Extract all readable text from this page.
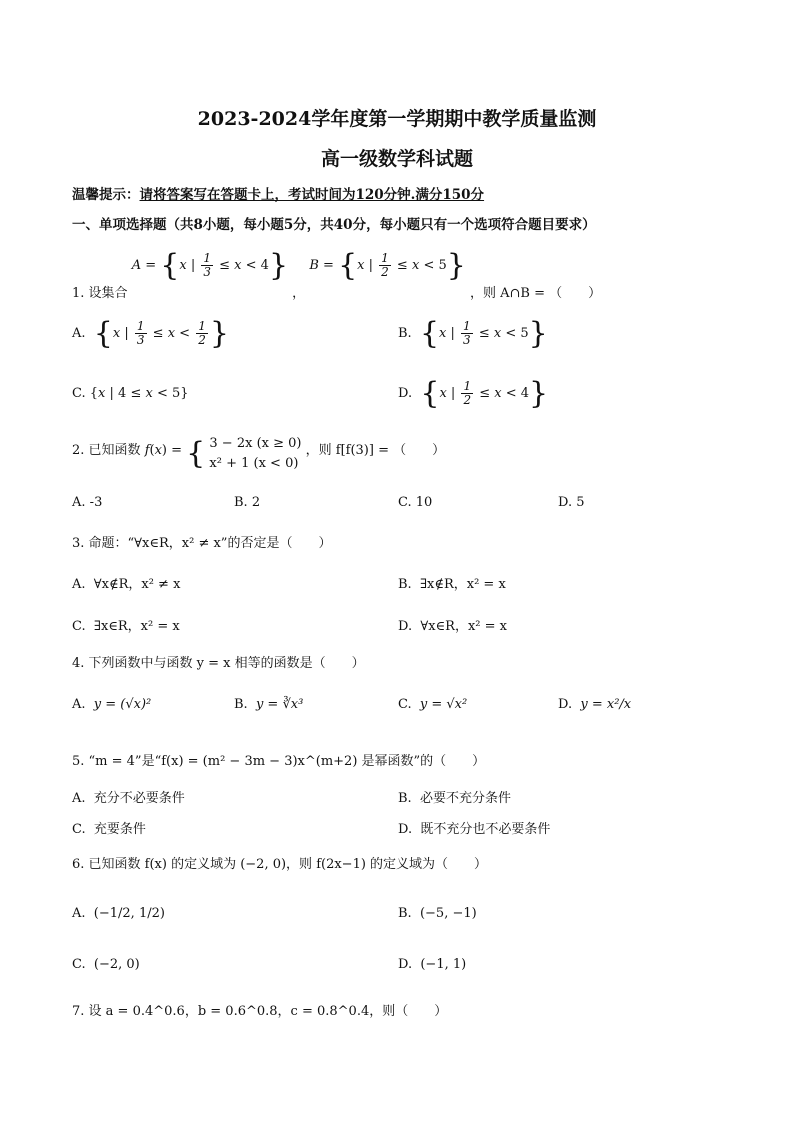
2023-2024学年度第一学期期中教学质量监测
高一级数学科试题
温馨提示：请将答案写在答题卡上，考试时间为120分钟.满分150分
一、单项选择题（共8小题，每小题5分，共40分，每小题只有一个选项符合题目要求）
1. 设集合 A = {x | $\frac{1}{3} \le x < 4$} ， B = {x | $\frac{1}{2} \le x < 5$} ，则 A∩B = （　　）
A. {x | $\frac{1}{3} \le x < \frac{1}{2}$ }	B. {x | $\frac{1}{3} \le x < 5$}
C. {x | 4 ≤ x < 5}	D. {x | $\frac{1}{2} \le x < 4$}
2. 已知函数 f(x) = { 3 − 2x (x ≥ 0)
x² + 1 (x < 0)
，则 f[f(3)] = （　　）
A. -3	B. 2	C. 10	D. 5
3. 命题：“∀x∈R，x² ≠ x”的否定是（　　）
A. ∀x∉R，x² ≠ x	B. ∃x∉R，x² = x
C. ∃x∈R，x² = x	D. ∀x∈R，x² = x
4. 下列函数中与函数 y = x 相等的函数是（　　）
A. y = (√x)²	B. y = ∛x³	C. y = √x²	D. y = x²/x
5. “m = 4”是“f(x) = (m² − 3m − 3)x^(m+2) 是幂函数”的（　　）
A. 充分不必要条件	B. 必要不充分条件
C. 充要条件	D. 既不充分也不必要条件
6. 已知函数 f(x) 的定义域为 (−2, 0)，则 f(2x−1) 的定义域为（　　）
A. (−1/2, 1/2)	B. (−5, −1)
C. (−2, 0)	D. (−1, 1)
7. 设 a = 0.4^0.6，b = 0.6^0.8，c = 0.8^0.4，则（　　）
